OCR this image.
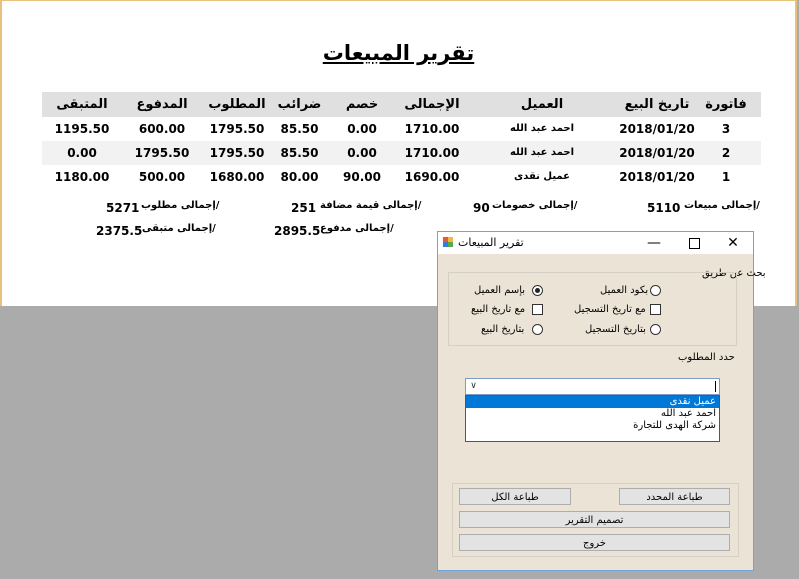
تقرير المبيعات
فاتورة
تاريخ البيع
العميل
الإجمالى
خصم
ضرائب
المطلوب
المدفوع
المتبقى
3
2018/01/20
احمد عبد الله
1710.00
0.00
85.50
1795.50
600.00
1195.50
2
2018/01/20
احمد عبد الله
1710.00
0.00
85.50
1795.50
1795.50
0.00
1
2018/01/20
عميل نقدى
1690.00
90.00
80.00
1680.00
500.00
1180.00
إجمالى مبيعات/
5110
إجمالى خصومات/
90
إجمالى قيمة مضافة/
251
إجمالى مطلوب/
5271
إجمالى مدفوع/
2895.5
إجمالى متبقى/
2375.5
تقرير المبيعات	—	✕
بحث عن طريق
بكود العميل
مع تاريخ التسجيل
بتاريخ التسجيل
بإسم العميل
مع تاريخ البيع
بتاريخ البيع
حدد المطلوب
∨
عميل نقدى
احمد عبد الله
شركة الهدى للتجارة
طباعة المحدد
طباعة الكل
تصميم التقرير
خروج
